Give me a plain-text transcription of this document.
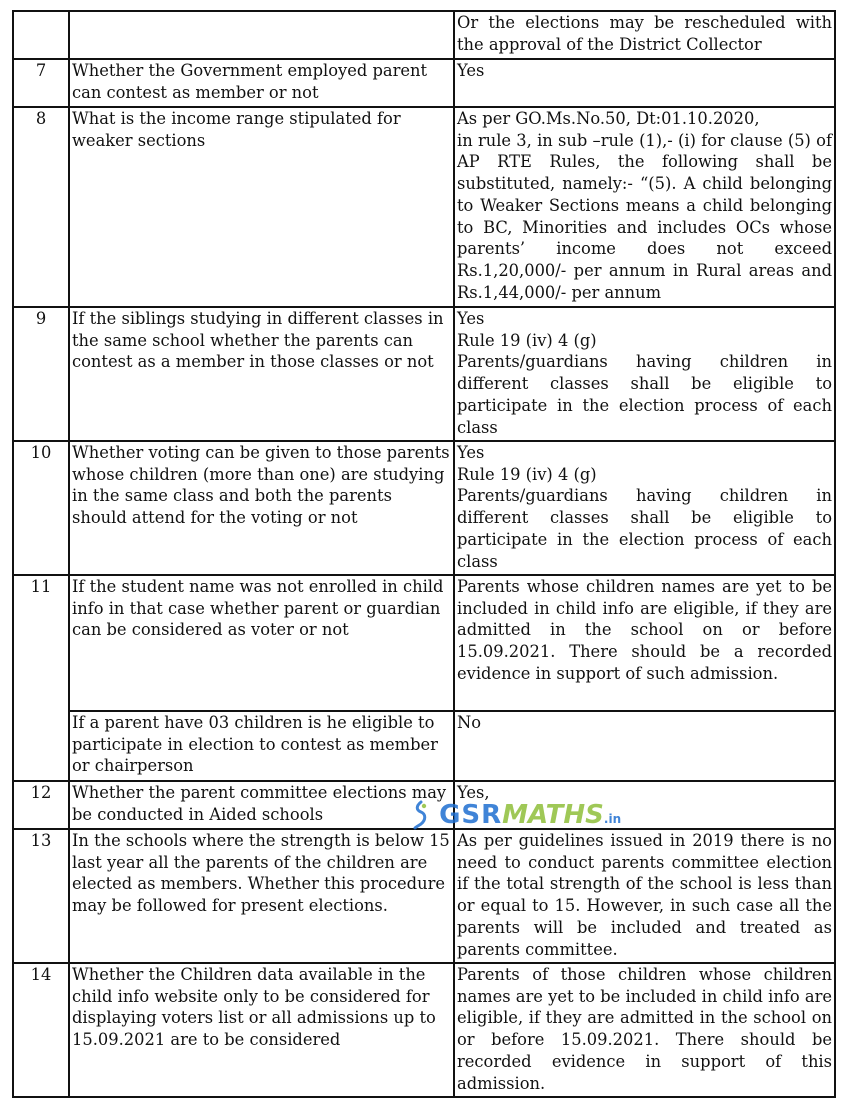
		Or the elections may be rescheduled with the approval of the District Collector

7	Whether the Government employed parent can contest as member or not	Yes

8	What is the income range stipulated for weaker sections	As per GO.Ms.No.50, Dt:01.10.2020,
in rule 3, in sub –rule (1),- (i) for clause (5) of AP RTE Rules, the following shall be substituted, namely:- “(5). A child belonging to Weaker Sections means a child belonging to BC, Minorities and includes OCs whose parents’ income does not exceed Rs.1,20,000/- per annum in Rural areas and Rs.1,44,000/- per annum

9	If the siblings studying in different classes in the same school whether the parents can contest as a member in those classes or not	Yes
Rule 19 (iv) 4 (g)
Parents/guardians having children in different classes shall be eligible to participate in the election process of each class

10	Whether voting can be given to those parents whose children (more than one) are studying in the same class and both the parents should attend for the voting or not	Yes
Rule 19 (iv) 4 (g)
Parents/guardians having children in different classes shall be eligible to participate in the election process of each class

11	If the student name was not enrolled in child info in that case whether parent or guardian can be considered as voter or not	Parents whose children names are yet to be included in child info are eligible, if they are admitted in the school on or before 15.09.2021. There should be a recorded evidence in support of such admission.

	If a parent have 03 children is he eligible to participate in election to contest as member or chairperson	No

12	Whether the parent committee elections may be conducted in Aided schools	Yes,

13	In the schools where the strength is below 15 last year all the parents of the children are elected as members. Whether this procedure may be followed for present elections.	As per guidelines issued in 2019 there is no need to conduct parents committee election if the total strength of the school is less than or equal to 15. However, in such case all the parents will be included and treated as parents committee.

14	Whether the Children data available in the child info website only to be considered for displaying voters list or all admissions up to 15.09.2021 are to be considered	Parents of those children whose children names are yet to be included in child info are eligible, if they are admitted in the school on or before 15.09.2021. There should be recorded evidence in support of this admission.
GSRMATHS.in
